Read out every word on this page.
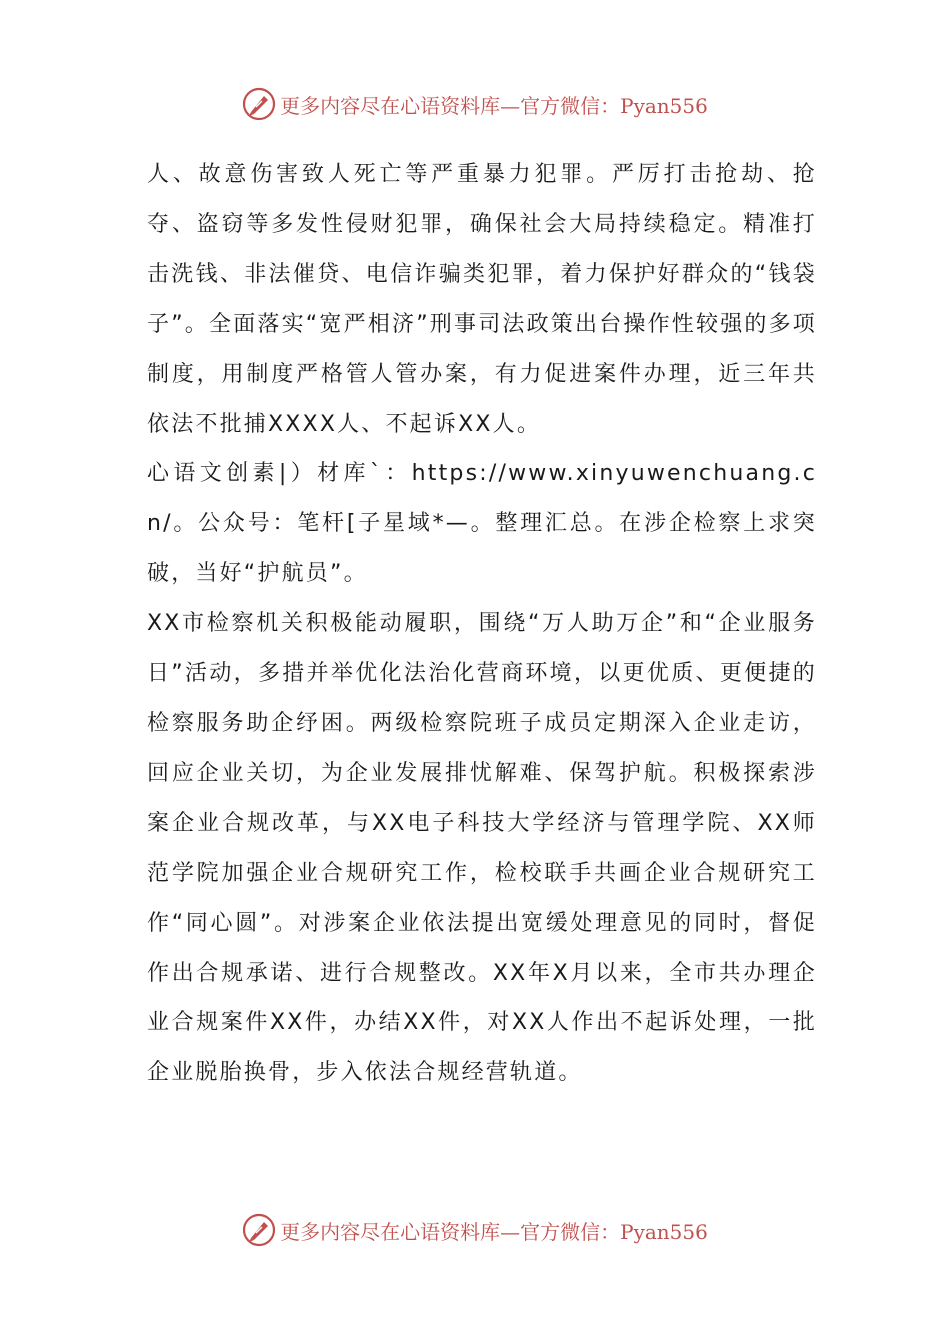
更多内容尽在心语资料库—官方微信：Pyan556

人、故意伤害致人死亡等严重暴力犯罪。严厉打击抢劫、抢夺、盗窃等多发性侵财犯罪，确保社会大局持续稳定。精准打击洗钱、非法催贷、电信诈骗类犯罪，着力保护好群众的“钱袋子”。全面落实“宽严相济”刑事司法政策出台操作性较强的多项制度，用制度严格管人管办案，有力促进案件办理，近三年共依法不批捕XXXX人、不起诉XX人。

心语文创素|）材库`：https://www.xinyuwenchuang.cn/。公众号：笔杆[子星域*—。整理汇总。在涉企检察上求突破，当好“护航员”。

XX市检察机关积极能动履职，围绕“万人助万企”和“企业服务日”活动，多措并举优化法治化营商环境，以更优质、更便捷的检察服务助企纾困。两级检察院班子成员定期深入企业走访，回应企业关切，为企业发展排忧解难、保驾护航。积极探索涉案企业合规改革，与XX电子科技大学经济与管理学院、XX师范学院加强企业合规研究工作，检校联手共画企业合规研究工作“同心圆”。对涉案企业依法提出宽缓处理意见的同时，督促作出合规承诺、进行合规整改。XX年X月以来，全市共办理企业合规案件XX件，办结XX件，对XX人作出不起诉处理，一批企业脱胎换骨，步入依法合规经营轨道。

更多内容尽在心语资料库—官方微信：Pyan556
